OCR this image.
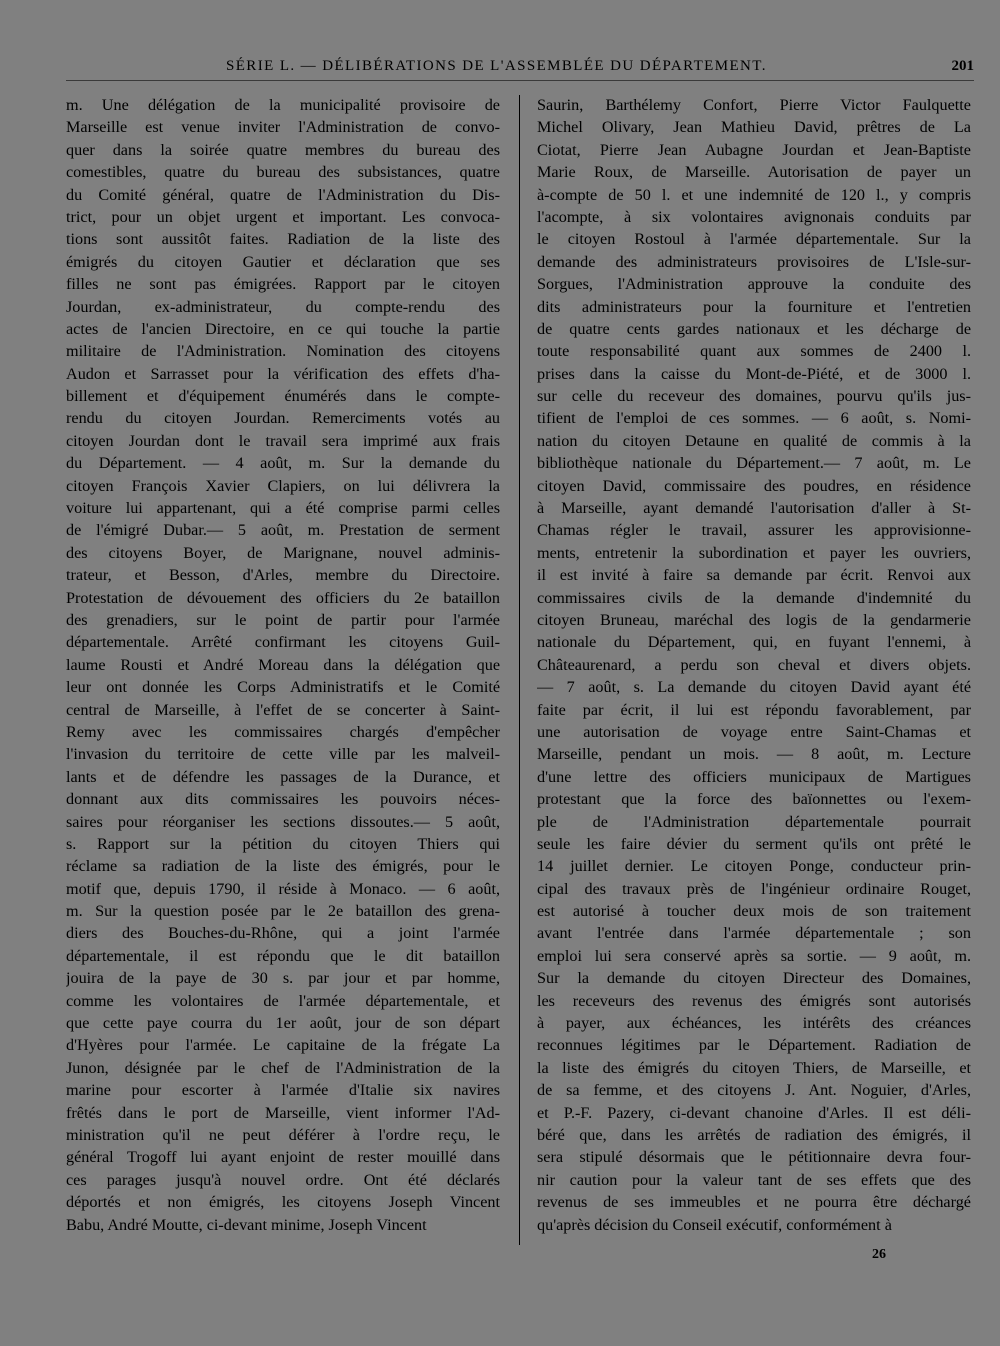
SÉRIE L. — DÉLIBÉRATIONS DE L'ASSEMBLÉE DU DÉPARTEMENT.	201
m. Une délégation de la municipalité provisoire de
Marseille est venue inviter l'Administration de convo-
quer dans la soirée quatre membres du bureau des
comestibles, quatre du bureau des subsistances, quatre
du Comité général, quatre de l'Administration du Dis-
trict, pour un objet urgent et important. Les convoca-
tions sont aussitôt faites. Radiation de la liste des
émigrés du citoyen Gautier et déclaration que ses
filles ne sont pas émigrées. Rapport par le citoyen
Jourdan, ex-administrateur, du compte-rendu des
actes de l'ancien Directoire, en ce qui touche la partie
militaire de l'Administration. Nomination des citoyens
Audon et Sarrasset pour la vérification des effets d'ha-
billement et d'équipement énumérés dans le compte-
rendu du citoyen Jourdan. Remerciments votés au
citoyen Jourdan dont le travail sera imprimé aux frais
du Département. — 4 août, m. Sur la demande du
citoyen François Xavier Clapiers, on lui délivrera la
voiture lui appartenant, qui a été comprise parmi celles
de l'émigré Dubar.— 5 août, m. Prestation de serment
des citoyens Boyer, de Marignane, nouvel adminis-
trateur, et Besson, d'Arles, membre du Directoire.
Protestation de dévouement des officiers du 2e bataillon
des grenadiers, sur le point de partir pour l'armée
départementale. Arrêté confirmant les citoyens Guil-
laume Rousti et André Moreau dans la délégation que
leur ont donnée les Corps Administratifs et le Comité
central de Marseille, à l'effet de se concerter à Saint-
Remy avec les commissaires chargés d'empêcher
l'invasion du territoire de cette ville par les malveil-
lants et de défendre les passages de la Durance, et
donnant aux dits commissaires les pouvoirs néces-
saires pour réorganiser les sections dissoutes.— 5 août,
s. Rapport sur la pétition du citoyen Thiers qui
réclame sa radiation de la liste des émigrés, pour le
motif que, depuis 1790, il réside à Monaco. — 6 août,
m. Sur la question posée par le 2e bataillon des grena-
diers des Bouches-du-Rhône, qui a joint l'armée
départementale, il est répondu que le dit bataillon
jouira de la paye de 30 s. par jour et par homme,
comme les volontaires de l'armée départementale, et
que cette paye courra du 1er août, jour de son départ
d'Hyères pour l'armée. Le capitaine de la frégate La
Junon, désignée par le chef de l'Administration de la
marine pour escorter à l'armée d'Italie six navires
frêtés dans le port de Marseille, vient informer l'Ad-
ministration qu'il ne peut déférer à l'ordre reçu, le
général Trogoff lui ayant enjoint de rester mouillé dans
ces parages jusqu'à nouvel ordre. Ont été déclarés
déportés et non émigrés, les citoyens Joseph Vincent
Babu, André Moutte, ci-devant minime, Joseph Vincent
Saurin, Barthélemy Confort, Pierre Victor Faulquette
Michel Olivary, Jean Mathieu David, prêtres de La
Ciotat, Pierre Jean Aubagne Jourdan et Jean-Baptiste
Marie Roux, de Marseille. Autorisation de payer un
à-compte de 50 l. et une indemnité de 120 l., y compris
l'acompte, à six volontaires avignonais conduits par
le citoyen Rostoul à l'armée départementale. Sur la
demande des administrateurs provisoires de L'Isle-sur-
Sorgues, l'Administration approuve la conduite des
dits administrateurs pour la fourniture et l'entretien
de quatre cents gardes nationaux et les décharge de
toute responsabilité quant aux sommes de 2400 l.
prises dans la caisse du Mont-de-Piété, et de 3000 l.
sur celle du receveur des domaines, pourvu qu'ils jus-
tifient de l'emploi de ces sommes. — 6 août, s. Nomi-
nation du citoyen Detaune en qualité de commis à la
bibliothèque nationale du Département.— 7 août, m. Le
citoyen David, commissaire des poudres, en résidence
à Marseille, ayant demandé l'autorisation d'aller à St-
Chamas régler le travail, assurer les approvisionne-
ments, entretenir la subordination et payer les ouvriers,
il est invité à faire sa demande par écrit. Renvoi aux
commissaires civils de la demande d'indemnité du
citoyen Bruneau, maréchal des logis de la gendarmerie
nationale du Département, qui, en fuyant l'ennemi, à
Châteaurenard, a perdu son cheval et divers objets.
— 7 août, s. La demande du citoyen David ayant été
faite par écrit, il lui est répondu favorablement, par
une autorisation de voyage entre Saint-Chamas et
Marseille, pendant un mois. — 8 août, m. Lecture
d'une lettre des officiers municipaux de Martigues
protestant que la force des baïonnettes ou l'exem-
ple de l'Administration départementale pourrait
seule les faire dévier du serment qu'ils ont prêté le
14 juillet dernier. Le citoyen Ponge, conducteur prin-
cipal des travaux près de l'ingénieur ordinaire Rouget,
est autorisé à toucher deux mois de son traitement
avant l'entrée dans l'armée départementale ; son
emploi lui sera conservé après sa sortie. — 9 août, m.
Sur la demande du citoyen Directeur des Domaines,
les receveurs des revenus des émigrés sont autorisés
à payer, aux échéances, les intérêts des créances
reconnues légitimes par le Département. Radiation de
la liste des émigrés du citoyen Thiers, de Marseille, et
de sa femme, et des citoyens J. Ant. Noguier, d'Arles,
et P.-F. Pazery, ci-devant chanoine d'Arles. Il est déli-
béré que, dans les arrêtés de radiation des émigrés, il
sera stipulé désormais que le pétitionnaire devra four-
nir caution pour la valeur tant de ses effets que des
revenus de ses immeubles et ne pourra être déchargé
qu'après décision du Conseil exécutif, conformément à
26
